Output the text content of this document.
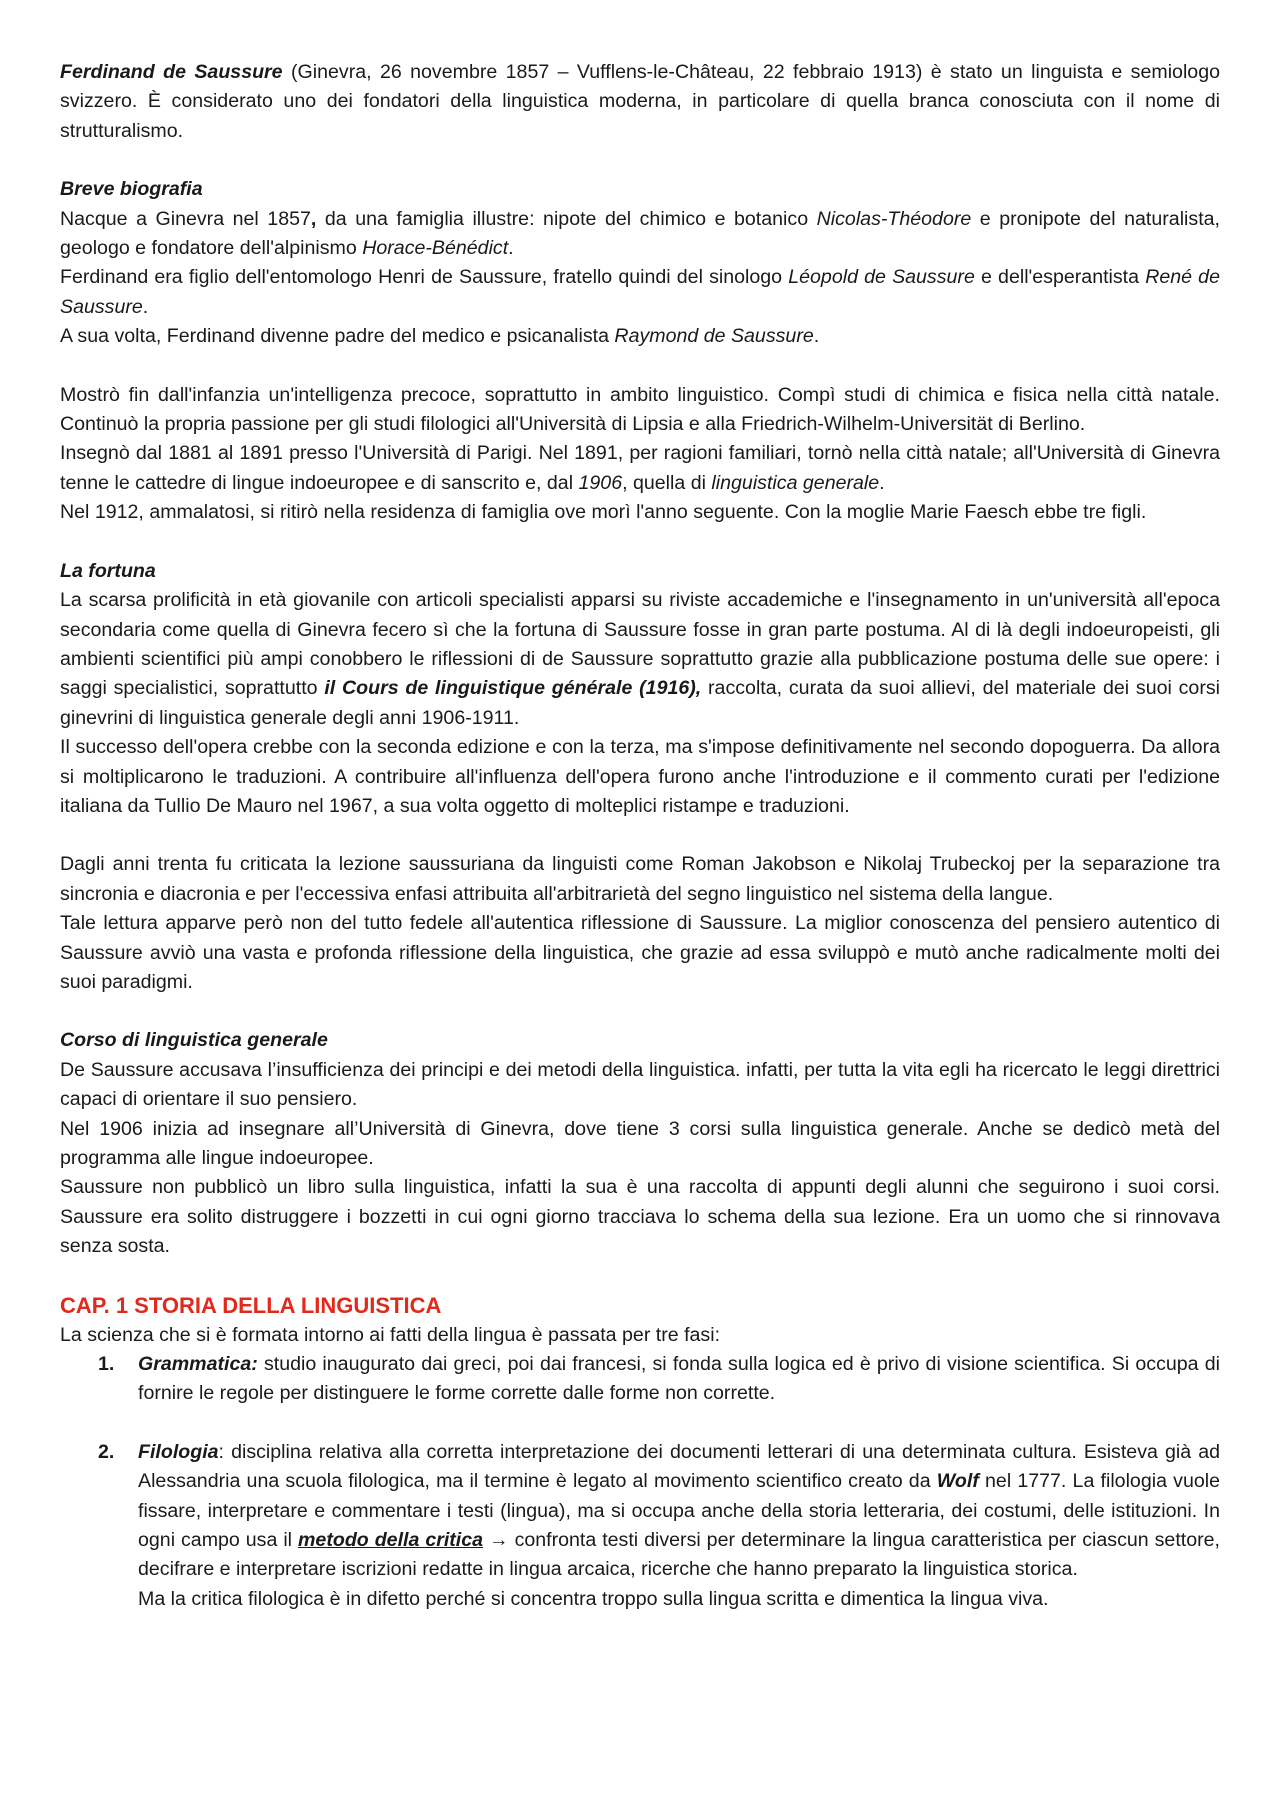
Ferdinand de Saussure (Ginevra, 26 novembre 1857 – Vufflens-le-Château, 22 febbraio 1913) è stato un linguista e semiologo svizzero. È considerato uno dei fondatori della linguistica moderna, in particolare di quella branca conosciuta con il nome di strutturalismo.

Breve biografia

Nacque a Ginevra nel 1857, da una famiglia illustre: nipote del chimico e botanico Nicolas-Théodore e pronipote del naturalista, geologo e fondatore dell'alpinismo Horace-Bénédict.

Ferdinand era figlio dell'entomologo Henri de Saussure, fratello quindi del sinologo Léopold de Saussure e dell'esperantista René de Saussure.

A sua volta, Ferdinand divenne padre del medico e psicanalista Raymond de Saussure.

Mostrò fin dall'infanzia un'intelligenza precoce, soprattutto in ambito linguistico. Compì studi di chimica e fisica nella città natale. Continuò la propria passione per gli studi filologici all'Università di Lipsia e alla Friedrich-Wilhelm-Universität di Berlino.

Insegnò dal 1881 al 1891 presso l'Università di Parigi. Nel 1891, per ragioni familiari, tornò nella città natale; all'Università di Ginevra tenne le cattedre di lingue indoeuropee e di sanscrito e, dal 1906, quella di linguistica generale.

Nel 1912, ammalatosi, si ritirò nella residenza di famiglia ove morì l'anno seguente. Con la moglie Marie Faesch ebbe tre figli.

La fortuna

La scarsa prolificità in età giovanile con articoli specialisti apparsi su riviste accademiche e l'insegnamento in un'università all'epoca secondaria come quella di Ginevra fecero sì che la fortuna di Saussure fosse in gran parte postuma. Al di là degli indoeuropeisti, gli ambienti scientifici più ampi conobbero le riflessioni di de Saussure soprattutto grazie alla pubblicazione postuma delle sue opere: i saggi specialistici, soprattutto il Cours de linguistique générale (1916), raccolta, curata da suoi allievi, del materiale dei suoi corsi ginevrini di linguistica generale degli anni 1906-1911.

Il successo dell'opera crebbe con la seconda edizione e con la terza, ma s'impose definitivamente nel secondo dopoguerra. Da allora si moltiplicarono le traduzioni. A contribuire all'influenza dell'opera furono anche l'introduzione e il commento curati per l'edizione italiana da Tullio De Mauro nel 1967, a sua volta oggetto di molteplici ristampe e traduzioni.

Dagli anni trenta fu criticata la lezione saussuriana da linguisti come Roman Jakobson e Nikolaj Trubeckoj per la separazione tra sincronia e diacronia e per l'eccessiva enfasi attribuita all'arbitrarietà del segno linguistico nel sistema della langue.

Tale lettura apparve però non del tutto fedele all'autentica riflessione di Saussure. La miglior conoscenza del pensiero autentico di Saussure avviò una vasta e profonda riflessione della linguistica, che grazie ad essa sviluppò e mutò anche radicalmente molti dei suoi paradigmi.

Corso di linguistica generale

De Saussure accusava l’insufficienza dei principi e dei metodi della linguistica. infatti, per tutta la vita egli ha ricercato le leggi direttrici capaci di orientare il suo pensiero.

Nel 1906 inizia ad insegnare all’Università di Ginevra, dove tiene 3 corsi sulla linguistica generale. Anche se dedicò metà del programma alle lingue indoeuropee.

Saussure non pubblicò un libro sulla linguistica, infatti la sua è una raccolta di appunti degli alunni che seguirono i suoi corsi. Saussure era solito distruggere i bozzetti in cui ogni giorno tracciava lo schema della sua lezione. Era un uomo che si rinnovava senza sosta.

CAP. 1 STORIA DELLA LINGUISTICA

La scienza che si è formata intorno ai fatti della lingua è passata per tre fasi:

1. Grammatica: studio inaugurato dai greci, poi dai francesi, si fonda sulla logica ed è privo di visione scientifica. Si occupa di fornire le regole per distinguere le forme corrette dalle forme non corrette.
2. Filologia: disciplina relativa alla corretta interpretazione dei documenti letterari di una determinata cultura. Esisteva già ad Alessandria una scuola filologica, ma il termine è legato al movimento scientifico creato da Wolf nel 1777. La filologia vuole fissare, interpretare e commentare i testi (lingua), ma si occupa anche della storia letteraria, dei costumi, delle istituzioni. In ogni campo usa il metodo della critica → confronta testi diversi per determinare la lingua caratteristica per ciascun settore, decifrare e interpretare iscrizioni redatte in lingua arcaica, ricerche che hanno preparato la linguistica storica.
Ma la critica filologica è in difetto perché si concentra troppo sulla lingua scritta e dimentica la lingua viva.
